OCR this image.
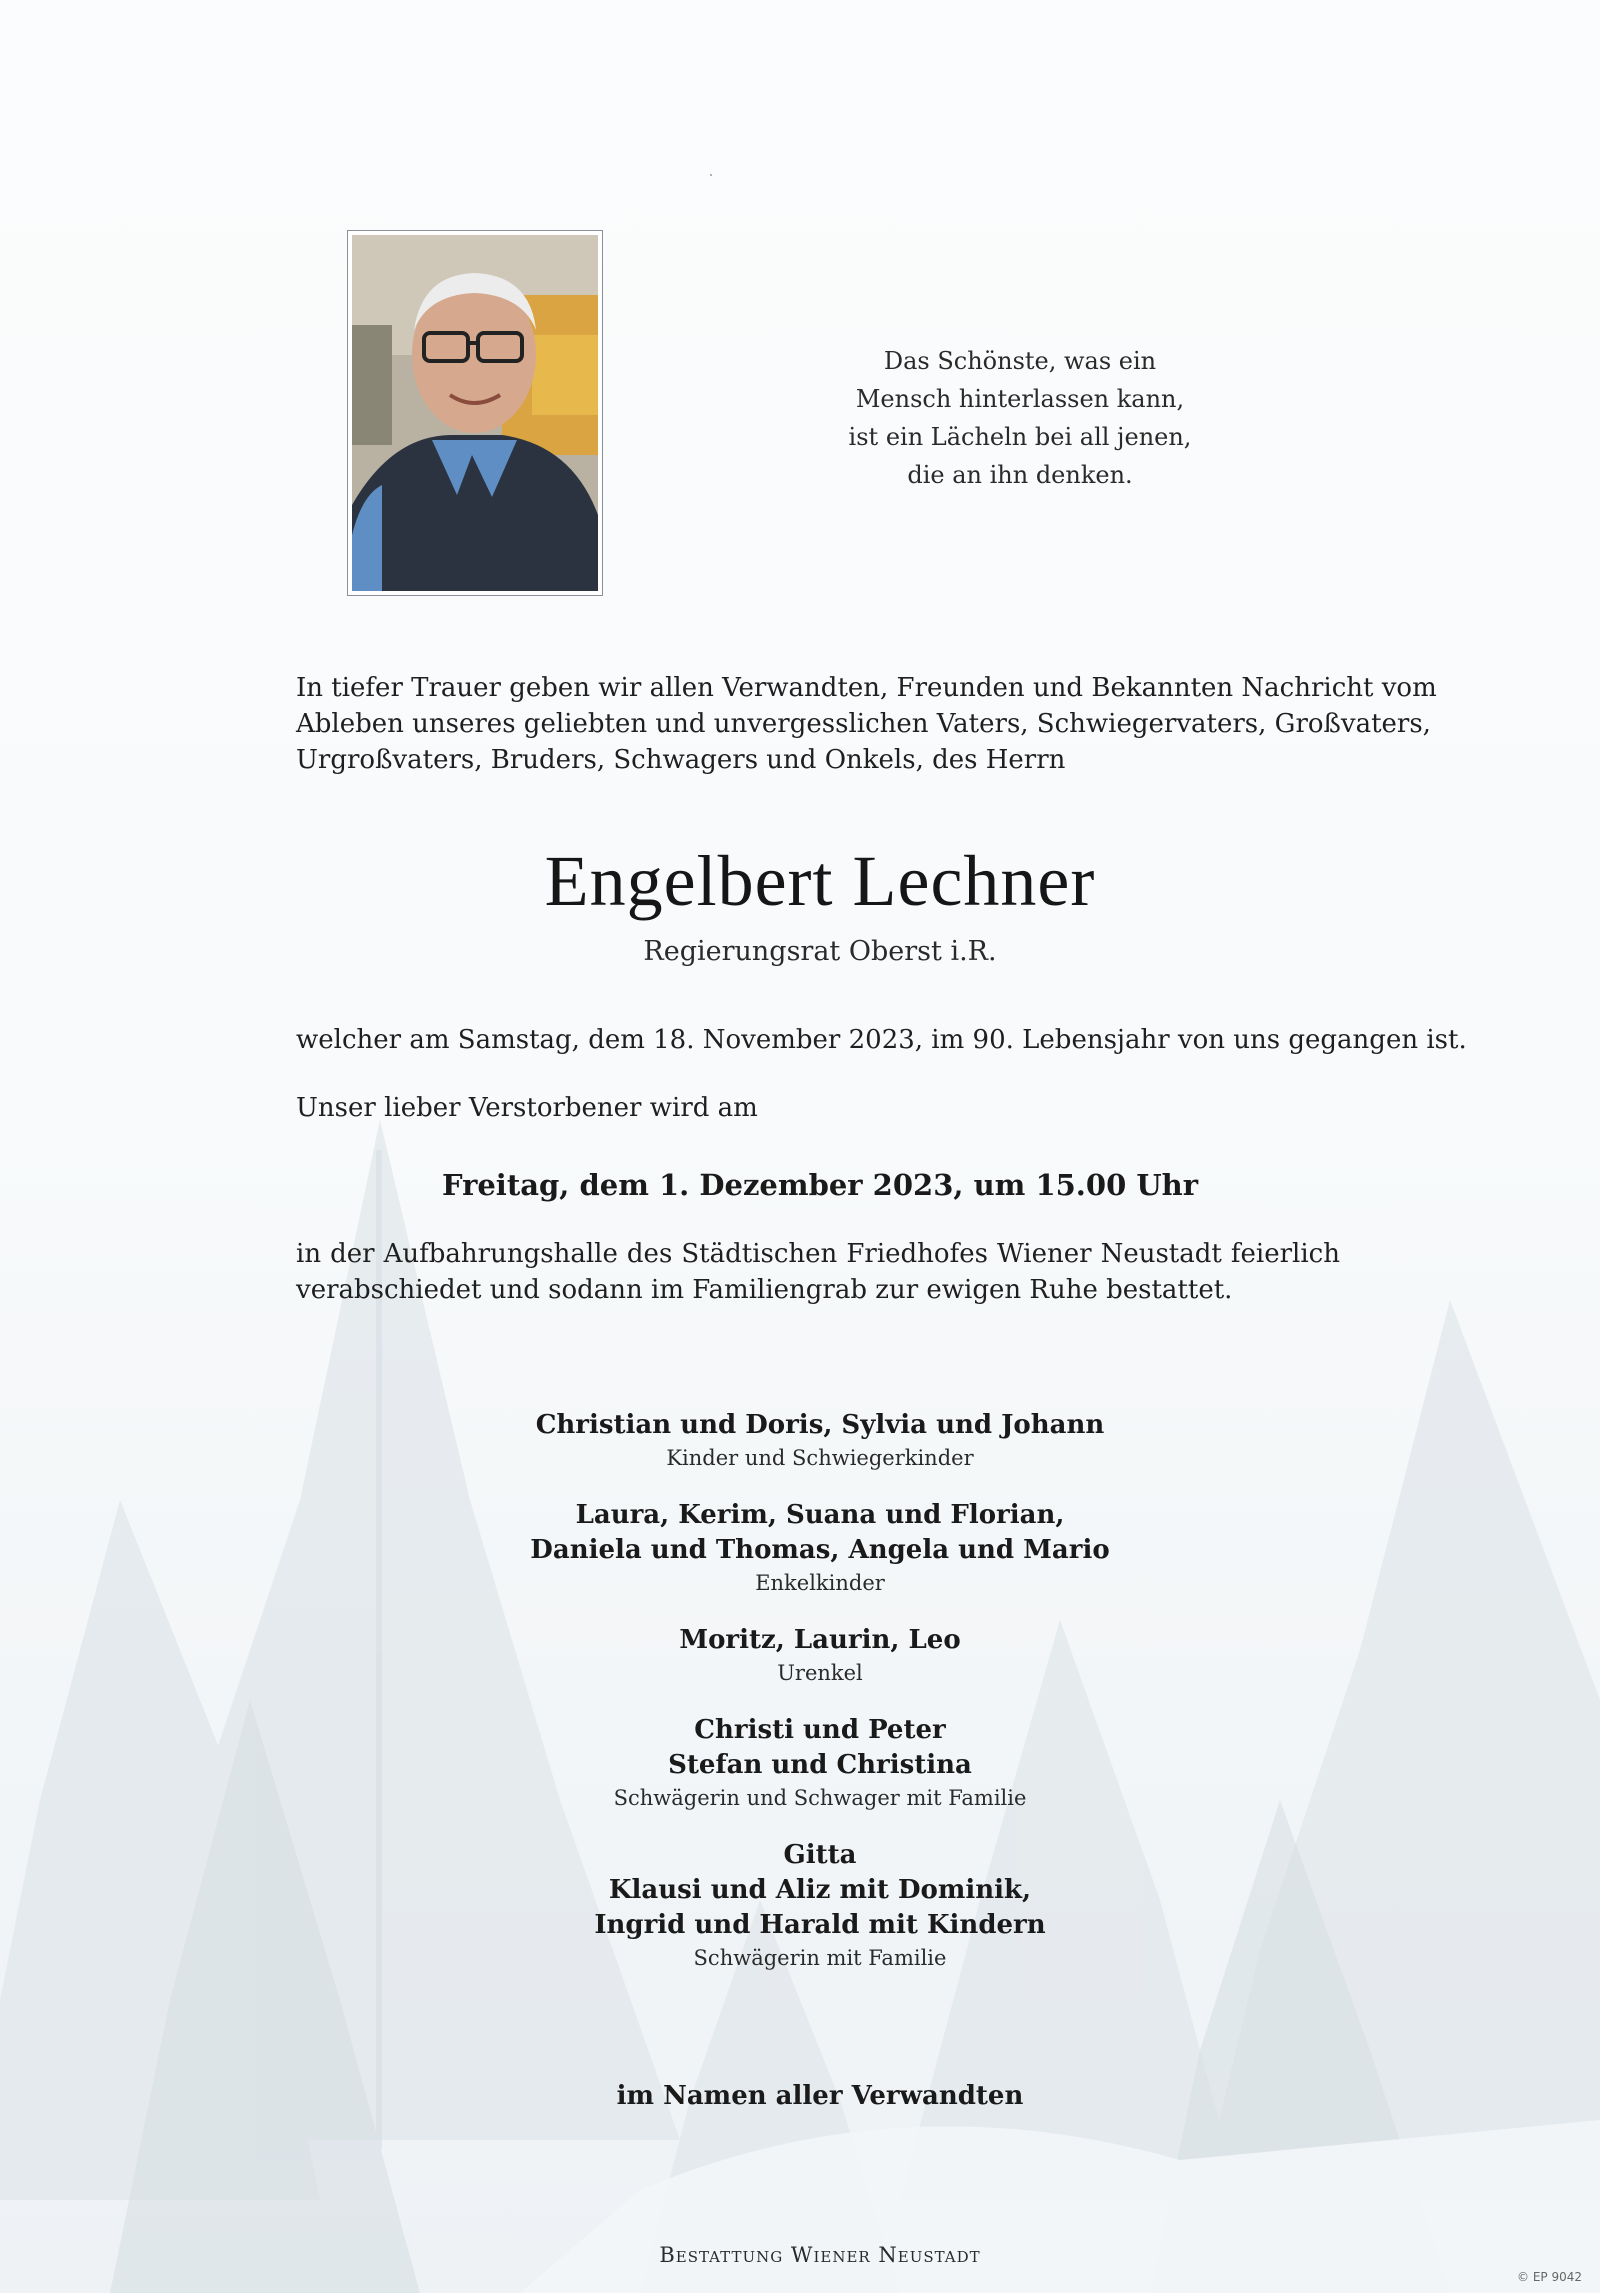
Das Schönste, was ein
Mensch hinterlassen kann,
ist ein Lächeln bei all jenen,
die an ihn denken.
In tiefer Trauer geben wir allen Verwandten, Freunden und Bekannten Nachricht vom
Ableben unseres geliebten und unvergesslichen Vaters, Schwiegervaters, Großvaters,
Urgroßvaters, Bruders, Schwagers und Onkels, des Herrn
Engelbert Lechner
Regierungsrat Oberst i.R.
welcher am Samstag, dem 18. November 2023, im 90. Lebensjahr von uns gegangen ist.
Unser lieber Verstorbener wird am
Freitag, dem 1. Dezember 2023, um 15.00 Uhr
in der Aufbahrungshalle des Städtischen Friedhofes Wiener Neustadt feierlich
verabschiedet und sodann im Familiengrab zur ewigen Ruhe bestattet.
Christian und Doris, Sylvia und Johann
Kinder und Schwiegerkinder
Laura, Kerim, Suana und Florian,
Daniela und Thomas, Angela und Mario
Enkelkinder
Moritz, Laurin, Leo
Urenkel
Christi und Peter
Stefan und Christina
Schwägerin und Schwager mit Familie
Gitta
Klausi und Aliz mit Dominik,
Ingrid und Harald mit Kindern
Schwägerin mit Familie
im Namen aller Verwandten
Bestattung Wiener Neustadt
© EP 9042
